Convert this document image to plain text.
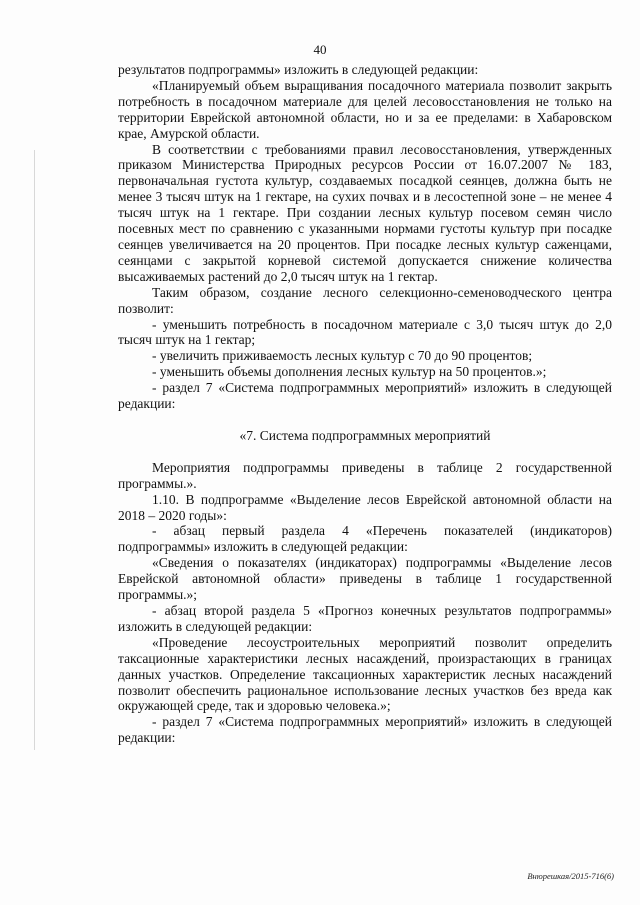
40

результатов подпрограммы» изложить в следующей редакции:

«Планируемый объем выращивания посадочного материала позволит закрыть потребность в посадочном материале для целей лесовосстановления не только на территории Еврейской автономной области, но и за ее пределами: в Хабаровском крае, Амурской области.

В соответствии с требованиями правил лесовосстановления, утвержденных приказом Министерства Природных ресурсов России от 16.07.2007 № 183, первоначальная густота культур, создаваемых посадкой сеянцев, должна быть не менее 3 тысяч штук на 1 гектаре, на сухих почвах и в лесостепной зоне – не менее 4 тысяч штук на 1 гектаре. При создании лесных культур посевом семян число посевных мест по сравнению с указанными нормами густоты культур при посадке сеянцев увеличивается на 20 процентов. При посадке лесных культур саженцами, сеянцами с закрытой корневой системой допускается снижение количества высаживаемых растений до 2,0 тысяч штук на 1 гектар.

Таким образом, создание лесного селекционно-семеноводческого центра позволит:

- уменьшить потребность в посадочном материале с 3,0 тысяч штук до 2,0 тысяч штук на 1 гектар;

- увеличить приживаемость лесных культур с 70 до 90 процентов;

- уменьшить объемы дополнения лесных культур на 50 процентов.»;

- раздел 7 «Система подпрограммных мероприятий» изложить в следующей редакции:

«7. Система подпрограммных мероприятий

Мероприятия подпрограммы приведены в таблице 2 государственной программы.».

1.10. В подпрограмме «Выделение лесов Еврейской автономной области на 2018 – 2020 годы»:

- абзац первый раздела 4 «Перечень показателей (индикаторов) подпрограммы» изложить в следующей редакции:

«Сведения о показателях (индикаторах) подпрограммы «Выделение лесов Еврейской автономной области» приведены в таблице 1 государственной программы.»;

- абзац второй раздела 5 «Прогноз конечных результатов подпрограммы» изложить в следующей редакции:

«Проведение лесоустроительных мероприятий позволит определить таксационные характеристики лесных насаждений, произрастающих в границах данных участков. Определение таксационных характеристик лесных насаждений позволит обеспечить рациональное использование лесных участков без вреда как окружающей среде, так и здоровью человека.»;

- раздел 7 «Система подпрограммных мероприятий» изложить в следующей редакции:

Внюрешкая/2015-716(6)
